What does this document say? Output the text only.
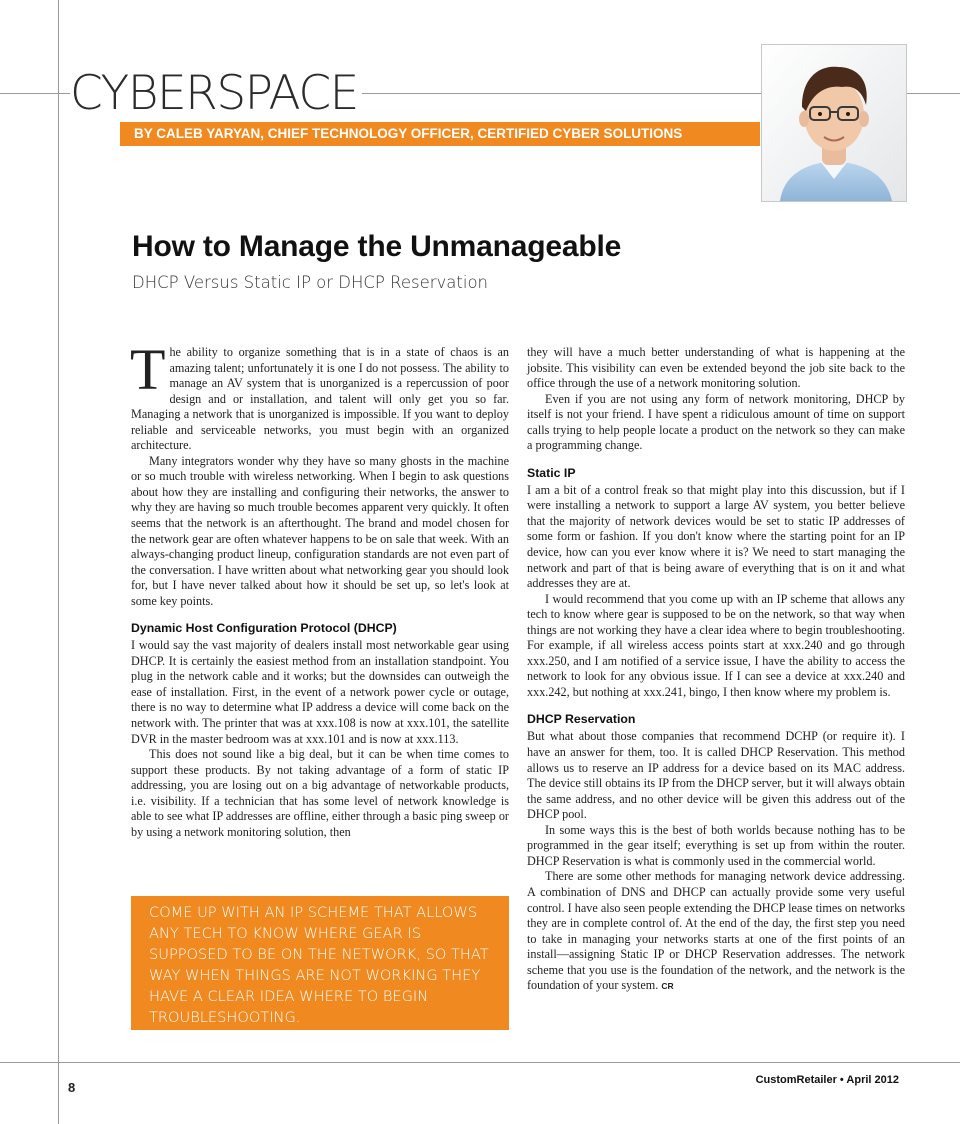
CYBERSPACE
BY CALEB YARYAN, CHIEF TECHNOLOGY OFFICER, CERTIFIED CYBER SOLUTIONS
How to Manage the Unmanageable

DHCP Versus Static IP or DHCP Reservation

The ability to organize something that is in a state of chaos is an amazing talent; unfortunately it is one I do not possess. The ability to manage an AV system that is unorganized is a repercussion of poor design and or installation, and talent will only get you so far. Managing a network that is unorganized is impossible. If you want to deploy reliable and serviceable networks, you must begin with an organized architecture.

Many integrators wonder why they have so many ghosts in the machine or so much trouble with wireless networking. When I begin to ask questions about how they are installing and configuring their networks, the answer to why they are having so much trouble becomes apparent very quickly. It often seems that the network is an afterthought. The brand and model chosen for the network gear are often whatever happens to be on sale that week. With an always-changing product lineup, configuration standards are not even part of the conversation. I have written about what networking gear you should look for, but I have never talked about how it should be set up, so let's look at some key points.

Dynamic Host Configuration Protocol (DHCP)

I would say the vast majority of dealers install most networkable gear using DHCP. It is certainly the easiest method from an installation standpoint. You plug in the network cable and it works; but the downsides can outweigh the ease of installation. First, in the event of a network power cycle or outage, there is no way to determine what IP address a device will come back on the network with. The printer that was at xxx.108 is now at xxx.101, the satellite DVR in the master bedroom was at xxx.101 and is now at xxx.113.

This does not sound like a big deal, but it can be when time comes to support these products. By not taking advantage of a form of static IP addressing, you are losing out on a big advantage of networkable products, i.e. visibility. If a technician that has some level of network knowledge is able to see what IP addresses are offline, either through a basic ping sweep or by using a network monitoring solution, then

COME UP WITH AN IP SCHEME THAT ALLOWS ANY TECH TO KNOW WHERE GEAR IS SUPPOSED TO BE ON THE NETWORK, SO THAT WAY WHEN THINGS ARE NOT WORKING THEY HAVE A CLEAR IDEA WHERE TO BEGIN TROUBLESHOOTING.

they will have a much better understanding of what is happening at the jobsite. This visibility can even be extended beyond the job site back to the office through the use of a network monitoring solution.

Even if you are not using any form of network monitoring, DHCP by itself is not your friend. I have spent a ridiculous amount of time on support calls trying to help people locate a product on the network so they can make a programming change.

Static IP

I am a bit of a control freak so that might play into this discussion, but if I were installing a network to support a large AV system, you better believe that the majority of network devices would be set to static IP addresses of some form or fashion. If you don't know where the starting point for an IP device, how can you ever know where it is? We need to start managing the network and part of that is being aware of everything that is on it and what addresses they are at.

I would recommend that you come up with an IP scheme that allows any tech to know where gear is supposed to be on the network, so that way when things are not working they have a clear idea where to begin troubleshooting. For example, if all wireless access points start at xxx.240 and go through xxx.250, and I am notified of a service issue, I have the ability to access the network to look for any obvious issue. If I can see a device at xxx.240 and xxx.242, but nothing at xxx.241, bingo, I then know where my problem is.

DHCP Reservation

But what about those companies that recommend DCHP (or require it). I have an answer for them, too. It is called DHCP Reservation. This method allows us to reserve an IP address for a device based on its MAC address. The device still obtains its IP from the DHCP server, but it will always obtain the same address, and no other device will be given this address out of the DHCP pool.

In some ways this is the best of both worlds because nothing has to be programmed in the gear itself; everything is set up from within the router. DHCP Reservation is what is commonly used in the commercial world.

There are some other methods for managing network device addressing. A combination of DNS and DHCP can actually provide some very useful control. I have also seen people extending the DHCP lease times on networks they are in complete control of. At the end of the day, the first step you need to take in managing your networks starts at one of the first points of an install—assigning Static IP or DHCP Reservation addresses. The network scheme that you use is the foundation of the network, and the network is the foundation of your system. CR

8	CustomRetailer • April 2012
